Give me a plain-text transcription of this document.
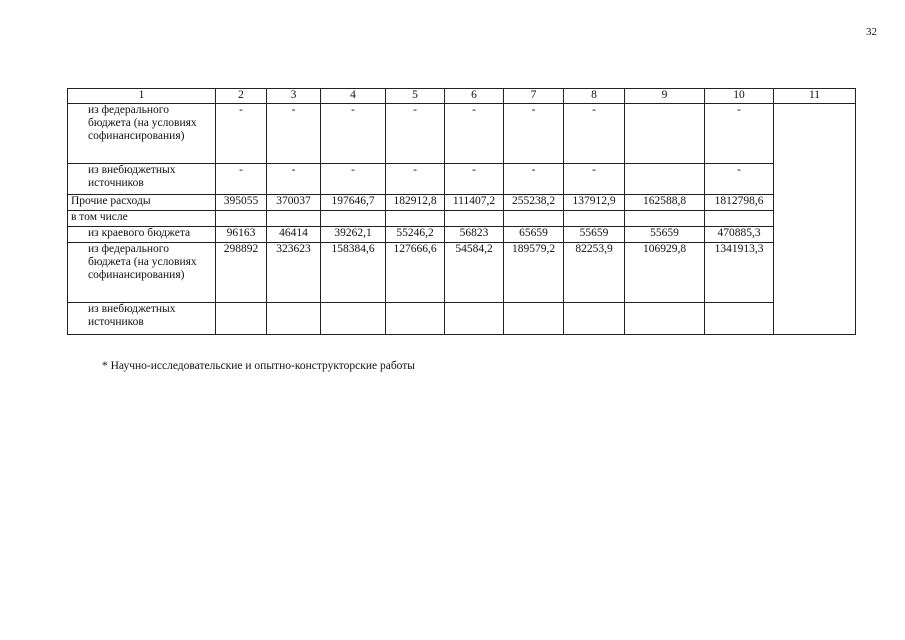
32
1	2	3	4	5	6	7	8	9	10	11
из федерального бюджета (на условиях софинансирования)	-	-	-	-	-	-	-		-	
из внебюджетных источников	-	-	-	-	-	-	-		-	
Прочие расходы	395055	370037	197646,7	182912,8	111407,2	255238,2	137912,9	162588,8	1812798,6	
в том числе										
из краевого бюджета	96163	46414	39262,1	55246,2	56823	65659	55659	55659	470885,3	
из федерального бюджета (на условиях софинансирования)	298892	323623	158384,6	127666,6	54584,2	189579,2	82253,9	106929,8	1341913,3	
из внебюджетных источников										
* Научно-исследовательские и опытно-конструкторские работы
